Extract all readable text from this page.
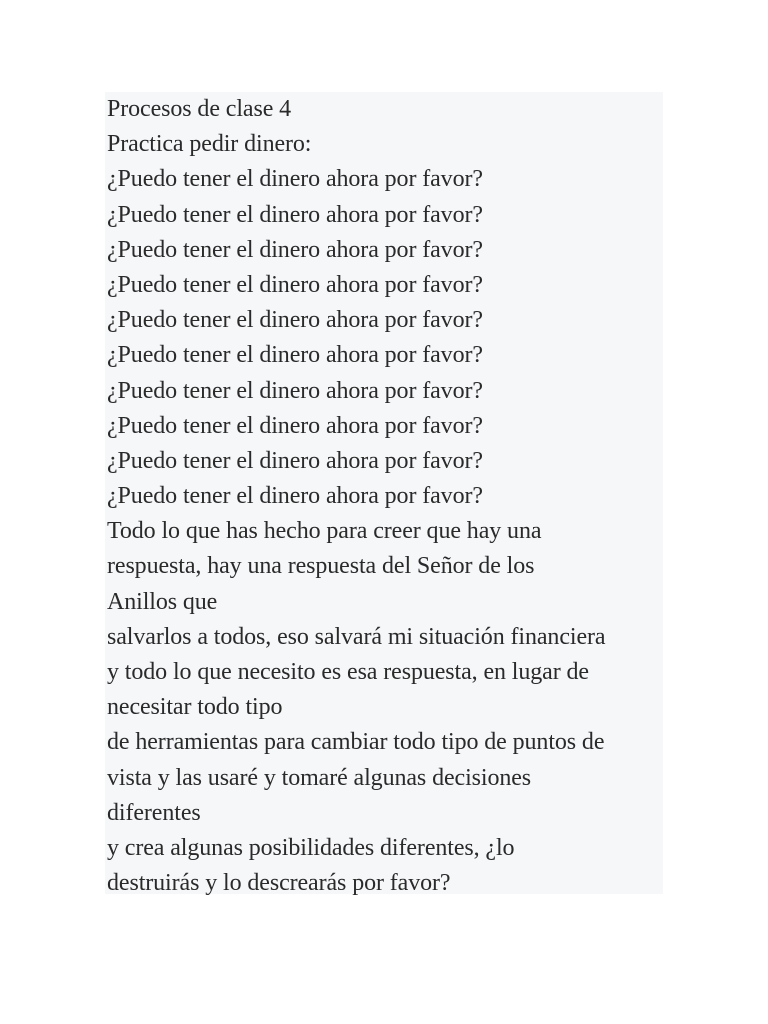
Procesos de clase 4
Practica pedir dinero:
¿Puedo tener el dinero ahora por favor?
¿Puedo tener el dinero ahora por favor?
¿Puedo tener el dinero ahora por favor?
¿Puedo tener el dinero ahora por favor?
¿Puedo tener el dinero ahora por favor?
¿Puedo tener el dinero ahora por favor?
¿Puedo tener el dinero ahora por favor?
¿Puedo tener el dinero ahora por favor?
¿Puedo tener el dinero ahora por favor?
¿Puedo tener el dinero ahora por favor?
Todo lo que has hecho para creer que hay una
respuesta, hay una respuesta del Señor de los
Anillos que
salvarlos a todos, eso salvará mi situación financiera
y todo lo que necesito es esa respuesta, en lugar de
necesitar todo tipo
de herramientas para cambiar todo tipo de puntos de
vista y las usaré y tomaré algunas decisiones
diferentes
y crea algunas posibilidades diferentes, ¿lo
destruirás y lo descrearás por favor?
